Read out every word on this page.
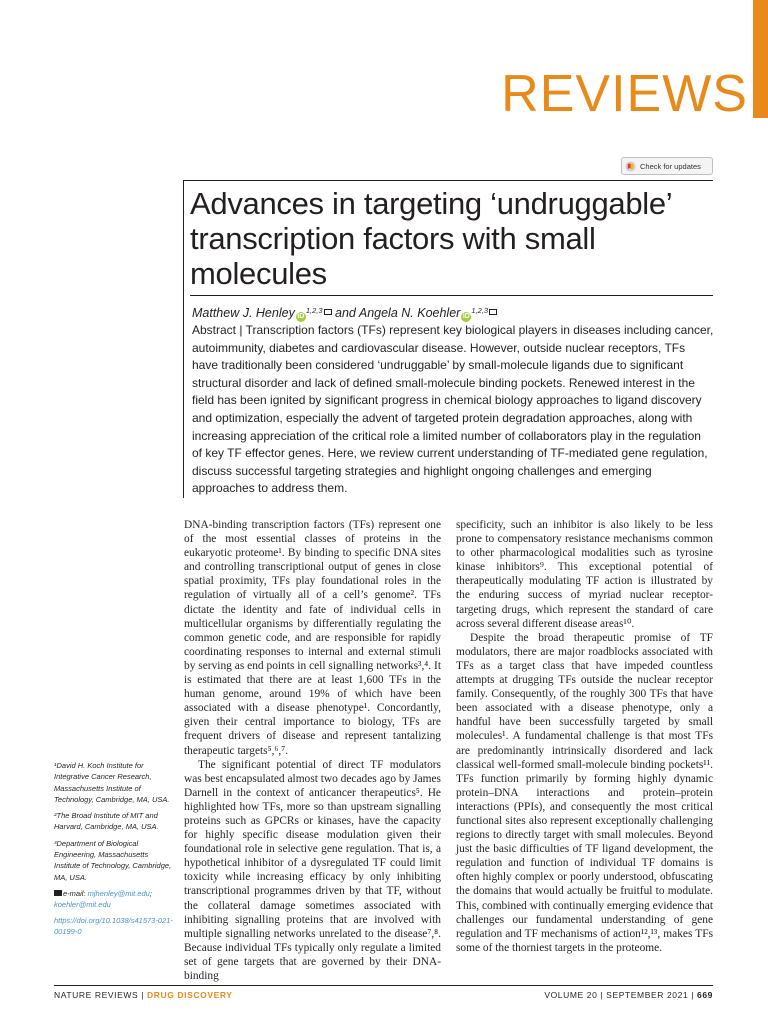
REVIEWS
Check for updates
Advances in targeting ‘undruggable’ transcription factors with small molecules
Matthew J. Henley iD$^{1,2,3}$ and Angela N. Koehler iD$^{1,2,3}$
Abstract | Transcription factors (TFs) represent key biological players in diseases including cancer, autoimmunity, diabetes and cardiovascular disease. However, outside nuclear receptors, TFs have traditionally been considered ‘undruggable’ by small-molecule ligands due to significant structural disorder and lack of defined small-molecule binding pockets. Renewed interest in the field has been ignited by significant progress in chemical biology approaches to ligand discovery and optimization, especially the advent of targeted protein degradation approaches, along with increasing appreciation of the critical role a limited number of collaborators play in the regulation of key TF effector genes. Here, we review current understanding of TF-mediated gene regulation, discuss successful targeting strategies and highlight ongoing challenges and emerging approaches to address them.

DNA-binding transcription factors (TFs) represent one of the most essential classes of proteins in the eukaryotic proteome¹. By binding to specific DNA sites and controlling transcriptional output of genes in close spatial proximity, TFs play foundational roles in the regulation of virtually all of a cell’s genome². TFs dictate the identity and fate of individual cells in multicellular organisms by differentially regulating the common genetic code, and are responsible for rapidly coordinating responses to internal and external stimuli by serving as end points in cell signalling networks³,⁴. It is estimated that there are at least 1,600 TFs in the human genome, around 19% of which have been associated with a disease phenotype¹. Concordantly, given their central importance to biology, TFs are frequent drivers of disease and represent tantalizing therapeutic targets⁵,⁶,⁷.

The significant potential of direct TF modulators was best encapsulated almost two decades ago by James Darnell in the context of anticancer therapeutics⁵. He highlighted how TFs, more so than upstream signalling proteins such as GPCRs or kinases, have the capacity for highly specific disease modulation given their foundational role in selective gene regulation. That is, a hypothetical inhibitor of a dysregulated TF could limit toxicity while increasing efficacy by only inhibiting transcriptional programmes driven by that TF, without the collateral damage sometimes associated with inhibiting signalling proteins that are involved with multiple signalling networks unrelated to the disease⁷,⁸. Because individual TFs typically only regulate a limited set of gene targets that are governed by their DNA-binding

specificity, such an inhibitor is also likely to be less prone to compensatory resistance mechanisms common to other pharmacological modalities such as tyrosine kinase inhibitors⁹. This exceptional potential of therapeutically modulating TF action is illustrated by the enduring success of myriad nuclear receptor-targeting drugs, which represent the standard of care across several different disease areas¹⁰.

Despite the broad therapeutic promise of TF modulators, there are major roadblocks associated with TFs as a target class that have impeded countless attempts at drugging TFs outside the nuclear receptor family. Consequently, of the roughly 300 TFs that have been associated with a disease phenotype, only a handful have been successfully targeted by small molecules¹. A fundamental challenge is that most TFs are predominantly intrinsically disordered and lack classical well-formed small-molecule binding pockets¹¹. TFs function primarily by forming highly dynamic protein–DNA interactions and protein–protein interactions (PPIs), and consequently the most critical functional sites also represent exceptionally challenging regions to directly target with small molecules. Beyond just the basic difficulties of TF ligand development, the regulation and function of individual TF domains is often highly complex or poorly understood, obfuscating the domains that would actually be fruitful to modulate. This, combined with continually emerging evidence that challenges our fundamental understanding of gene regulation and TF mechanisms of action¹²,¹³, makes TFs some of the thorniest targets in the proteome.

¹David H. Koch Institute for Integrative Cancer Research, Massachusetts Institute of Technology, Cambridge, MA, USA.
²The Broad Institute of MIT and Harvard, Cambridge, MA, USA.
³Department of Biological Engineering, Massachusetts Institute of Technology, Cambridge, MA, USA.
e-mail: mjhenley@mit.edu; koehler@mit.edu
https://doi.org/10.1038/s41573-021-00199-0
NATURE REVIEWS | DRUG DISCOVERY	VOLUME 20 | SEPTEMBER 2021 | 669
